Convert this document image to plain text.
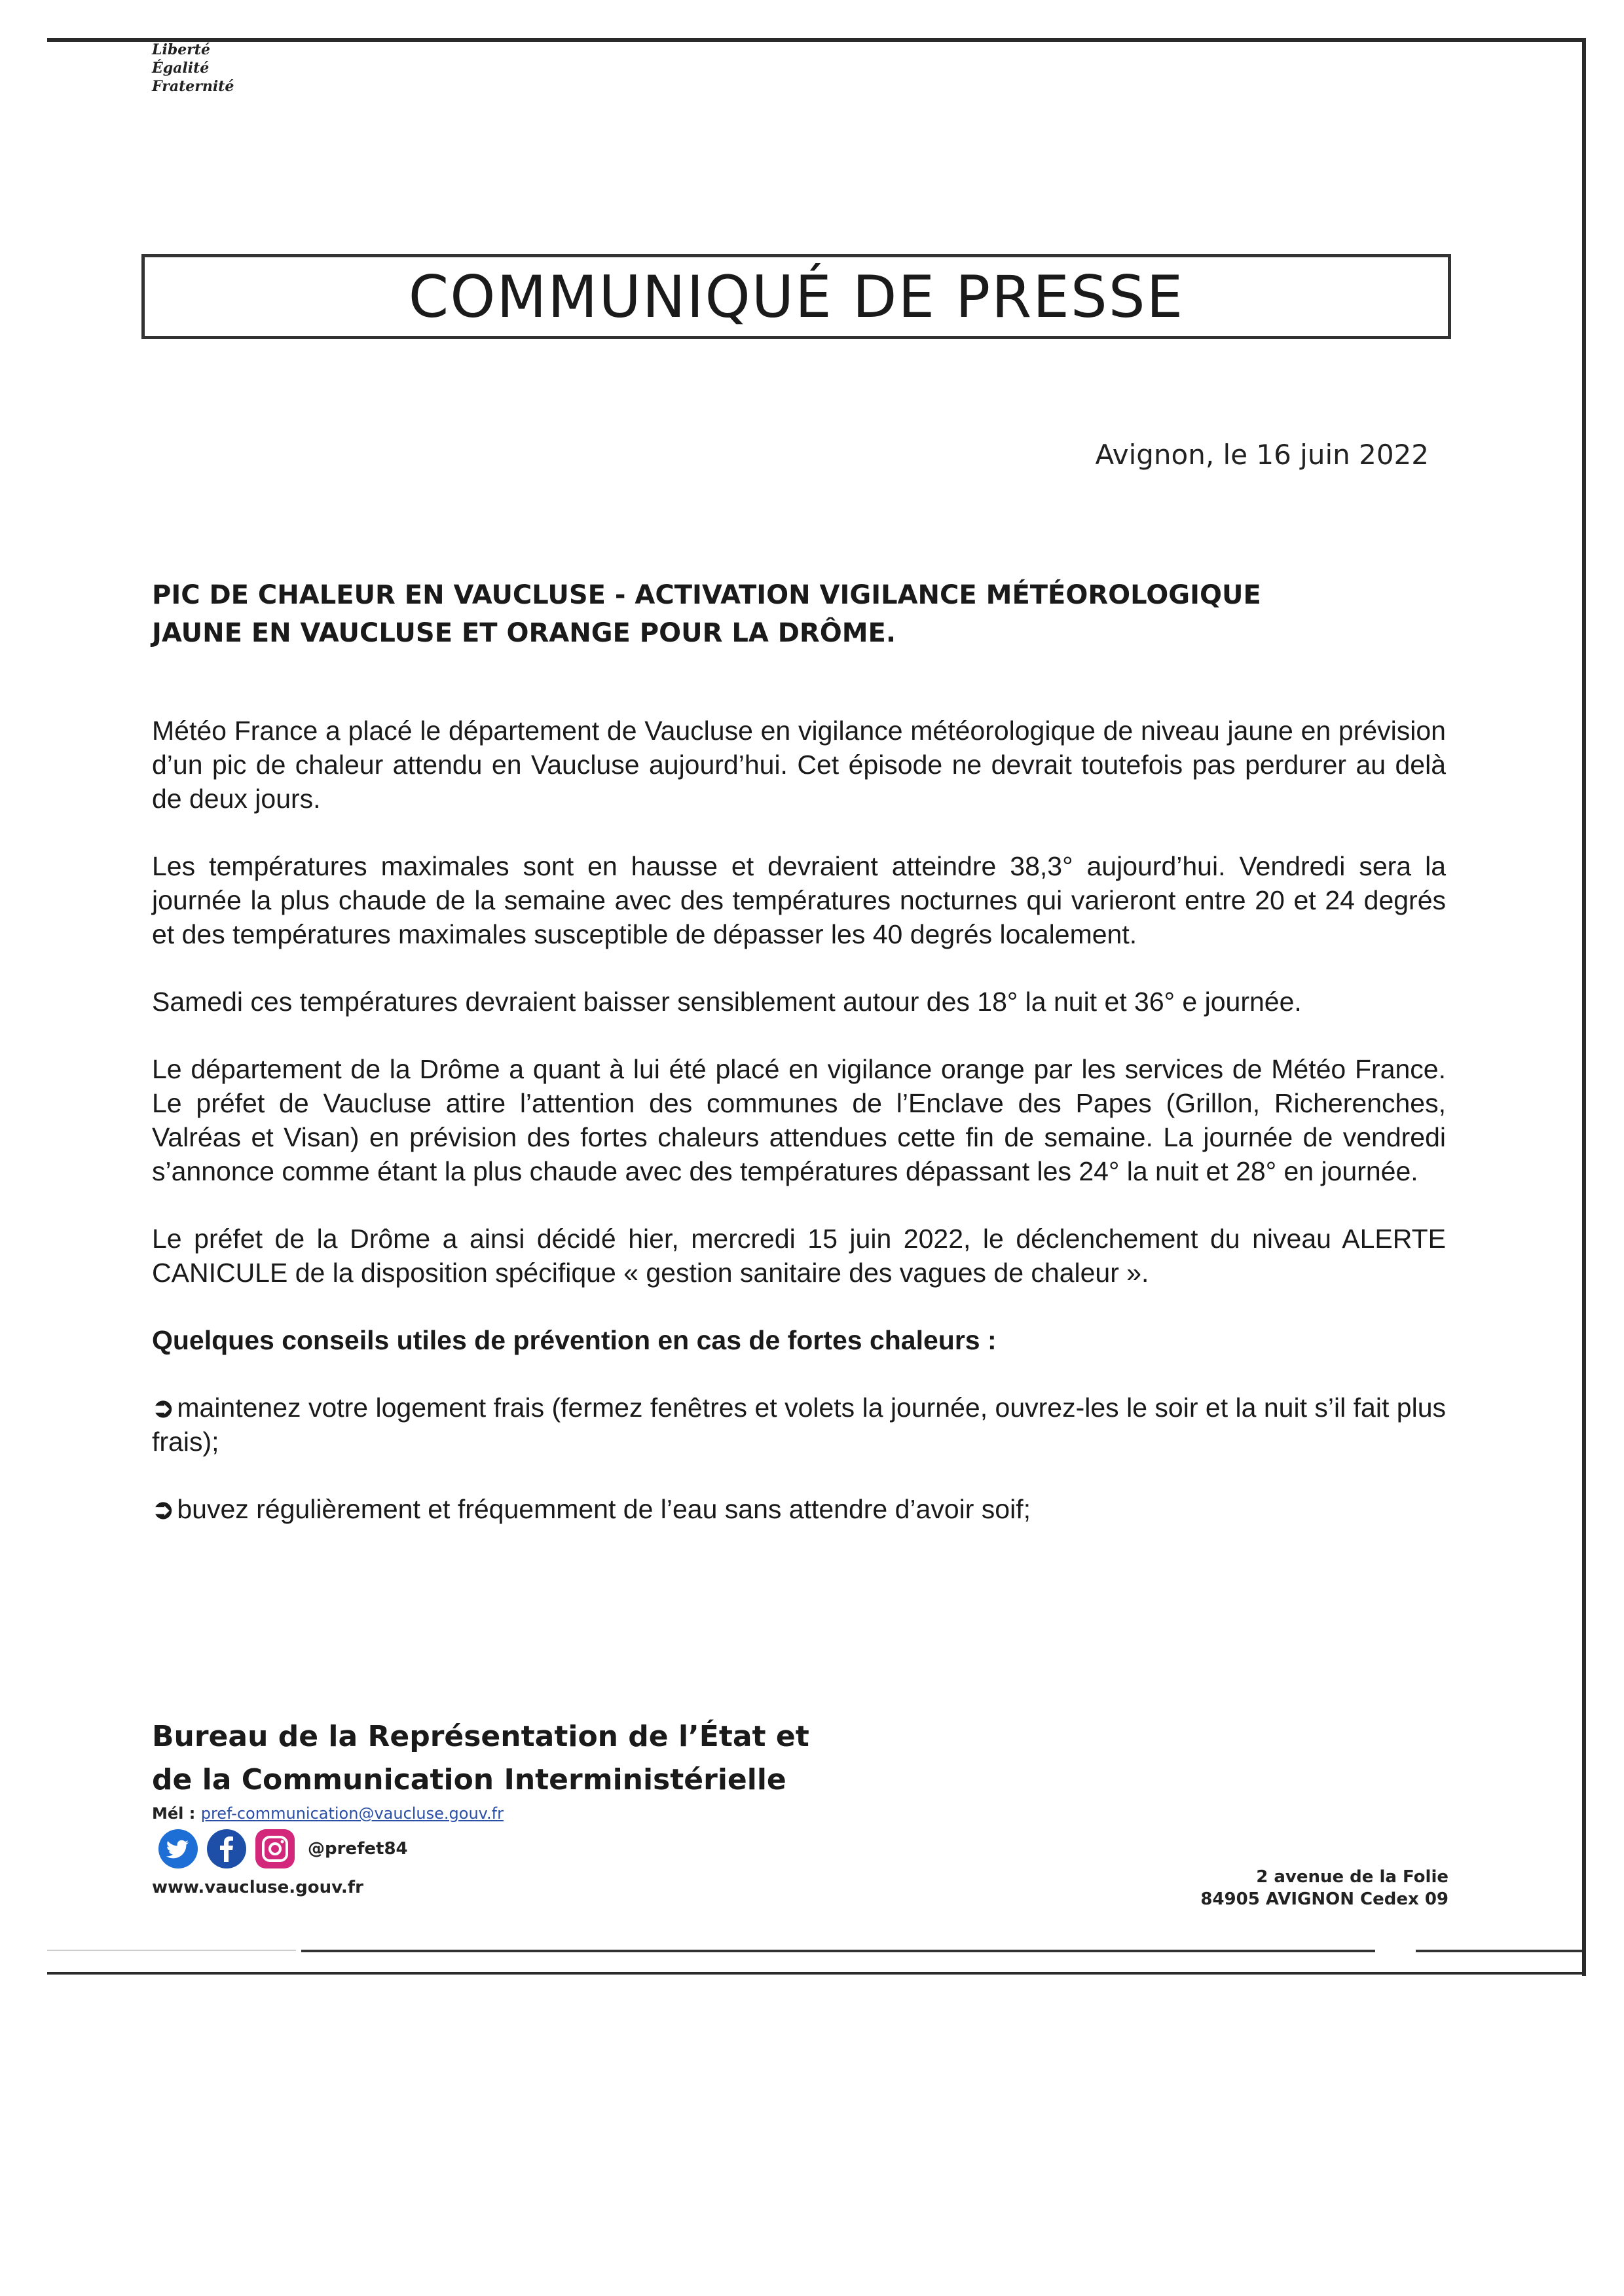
Liberté
Égalité
Fraternité
COMMUNIQUÉ DE PRESSE
Avignon, le 16 juin 2022
PIC DE CHALEUR EN VAUCLUSE - ACTIVATION VIGILANCE MÉTÉOROLOGIQUE
JAUNE EN VAUCLUSE ET ORANGE POUR LA DRÔME.

Météo France a placé le département de Vaucluse en vigilance météorologique de niveau jaune en prévision d’un pic de chaleur attendu en Vaucluse aujourd’hui. Cet épisode ne devrait toutefois pas perdurer au delà de deux jours.

Les températures maximales sont en hausse et devraient atteindre 38,3° aujourd’hui. Vendredi sera la journée la plus chaude de la semaine avec des températures nocturnes qui varieront entre 20 et 24 degrés et des températures maximales susceptible de dépasser les 40 degrés localement.

Samedi ces températures devraient baisser sensiblement autour des 18° la nuit et 36° e journée.

Le département de la Drôme a quant à lui été placé en vigilance orange par les services de Météo France. Le préfet de Vaucluse attire l’attention des communes de l’Enclave des Papes (Grillon, Richerenches, Valréas et Visan) en prévision des fortes chaleurs attendues cette fin de semaine. La journée de vendredi s’annonce comme étant la plus chaude avec des températures dépassant les 24° la nuit et 28° en journée.

Le préfet de la Drôme a ainsi décidé hier, mercredi 15 juin 2022, le déclenchement du niveau ALERTE CANICULE de la disposition spécifique « gestion sanitaire des vagues de chaleur ».

Quelques conseils utiles de prévention en cas de fortes chaleurs :

➲maintenez votre logement frais (fermez fenêtres et volets la journée, ouvrez-les le soir et la nuit s’il fait plus frais);

➲buvez régulièrement et fréquemment de l’eau sans attendre d’avoir soif;

Bureau de la Représentation de l’État et
de la Communication Interministérielle
Mél : pref-communication@vaucluse.gouv.fr
@prefet84
www.vaucluse.gouv.fr
2 avenue de la Folie
84905 AVIGNON Cedex 09
